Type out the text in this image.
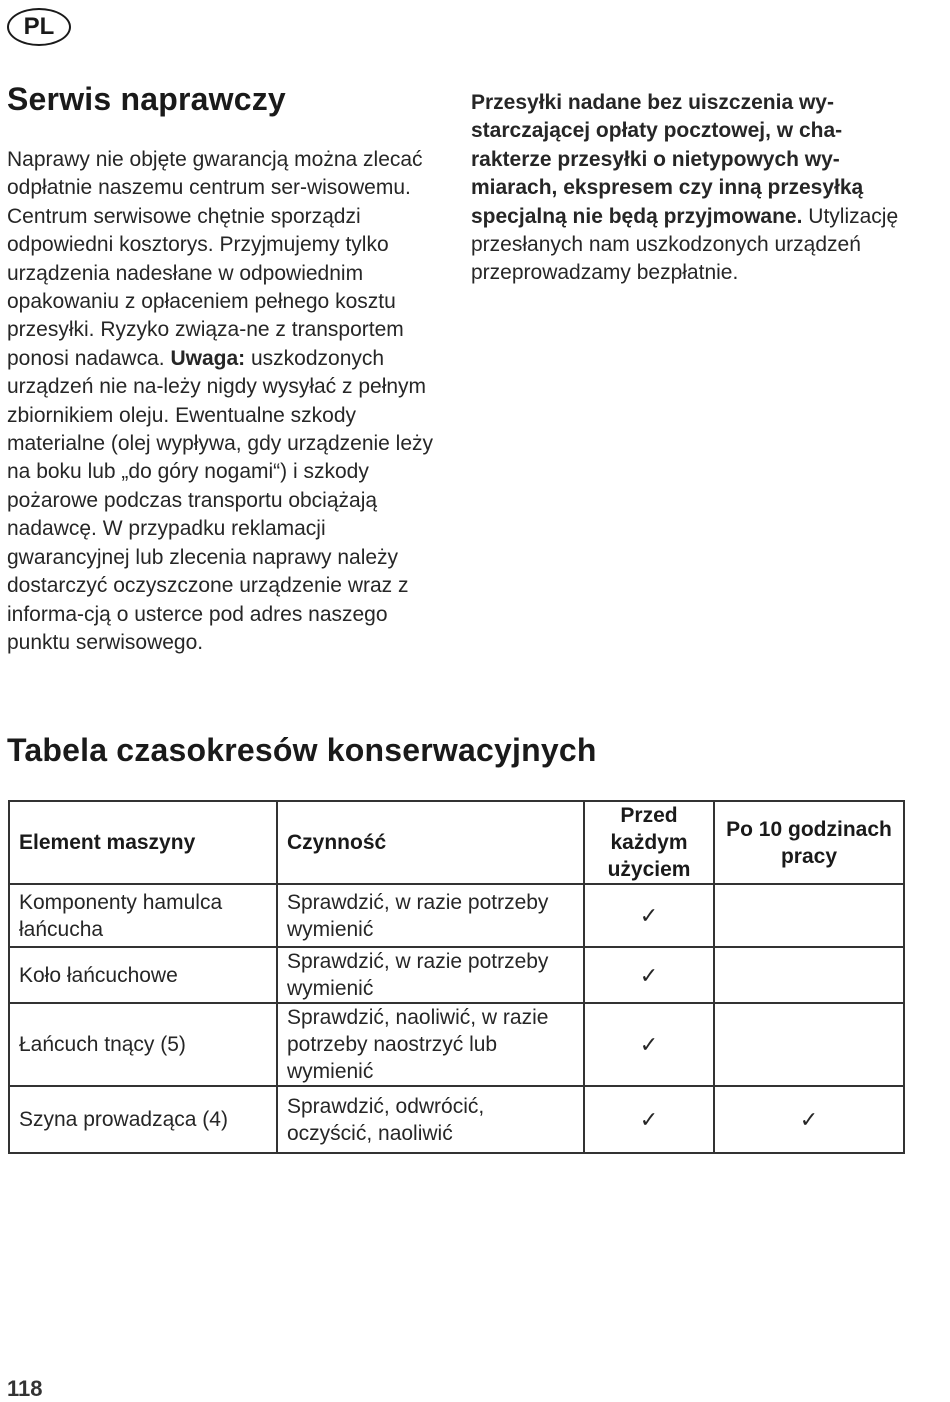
PL
Serwis naprawczy

Naprawy nie objęte gwarancją można zlecać odpłatnie naszemu centrum ser-wisowemu. Centrum serwisowe chętnie sporządzi odpowiedni kosztorys. Przyjmujemy tylko urządzenia nadesłane w odpowiednim opakowaniu z opłaceniem pełnego kosztu przesyłki. Ryzyko związa-ne z transportem ponosi nadawca. Uwaga: uszkodzonych urządzeń nie na-leży nigdy wysyłać z pełnym zbiornikiem oleju. Ewentualne szkody materialne (olej wypływa, gdy urządzenie leży na boku lub „do góry nogami“) i szkody pożarowe podczas transportu obciążają nadawcę. W przypadku reklamacji gwarancyjnej lub zlecenia naprawy należy dostarczyć oczyszczone urządzenie wraz z informa-cją o usterce pod adres naszego punktu serwisowego.

Przesyłki nadane bez uiszczenia wy-starczającej opłaty pocztowej, w cha-rakterze przesyłki o nietypowych wy-miarach, ekspresem czy inną przesyłką specjalną nie będą przyjmowane. Utylizację przesłanych nam uszkodzonych urządzeń przeprowadzamy bezpłatnie.

Tabela czasokresów konserwacyjnych
Element maszyny	Czynność	Przed każdym użyciem	Po 10 godzinach pracy
Komponenty hamulca łańcucha	Sprawdzić, w razie potrzeby wymienić	✓	
Koło łańcuchowe	Sprawdzić, w razie potrzeby wymienić	✓	
Łańcuch tnący (5)	Sprawdzić, naoliwić, w razie potrzeby naostrzyć lub wymienić	✓	
Szyna prowadząca (4)	Sprawdzić, odwrócić, oczyścić, naoliwić	✓	✓
118
